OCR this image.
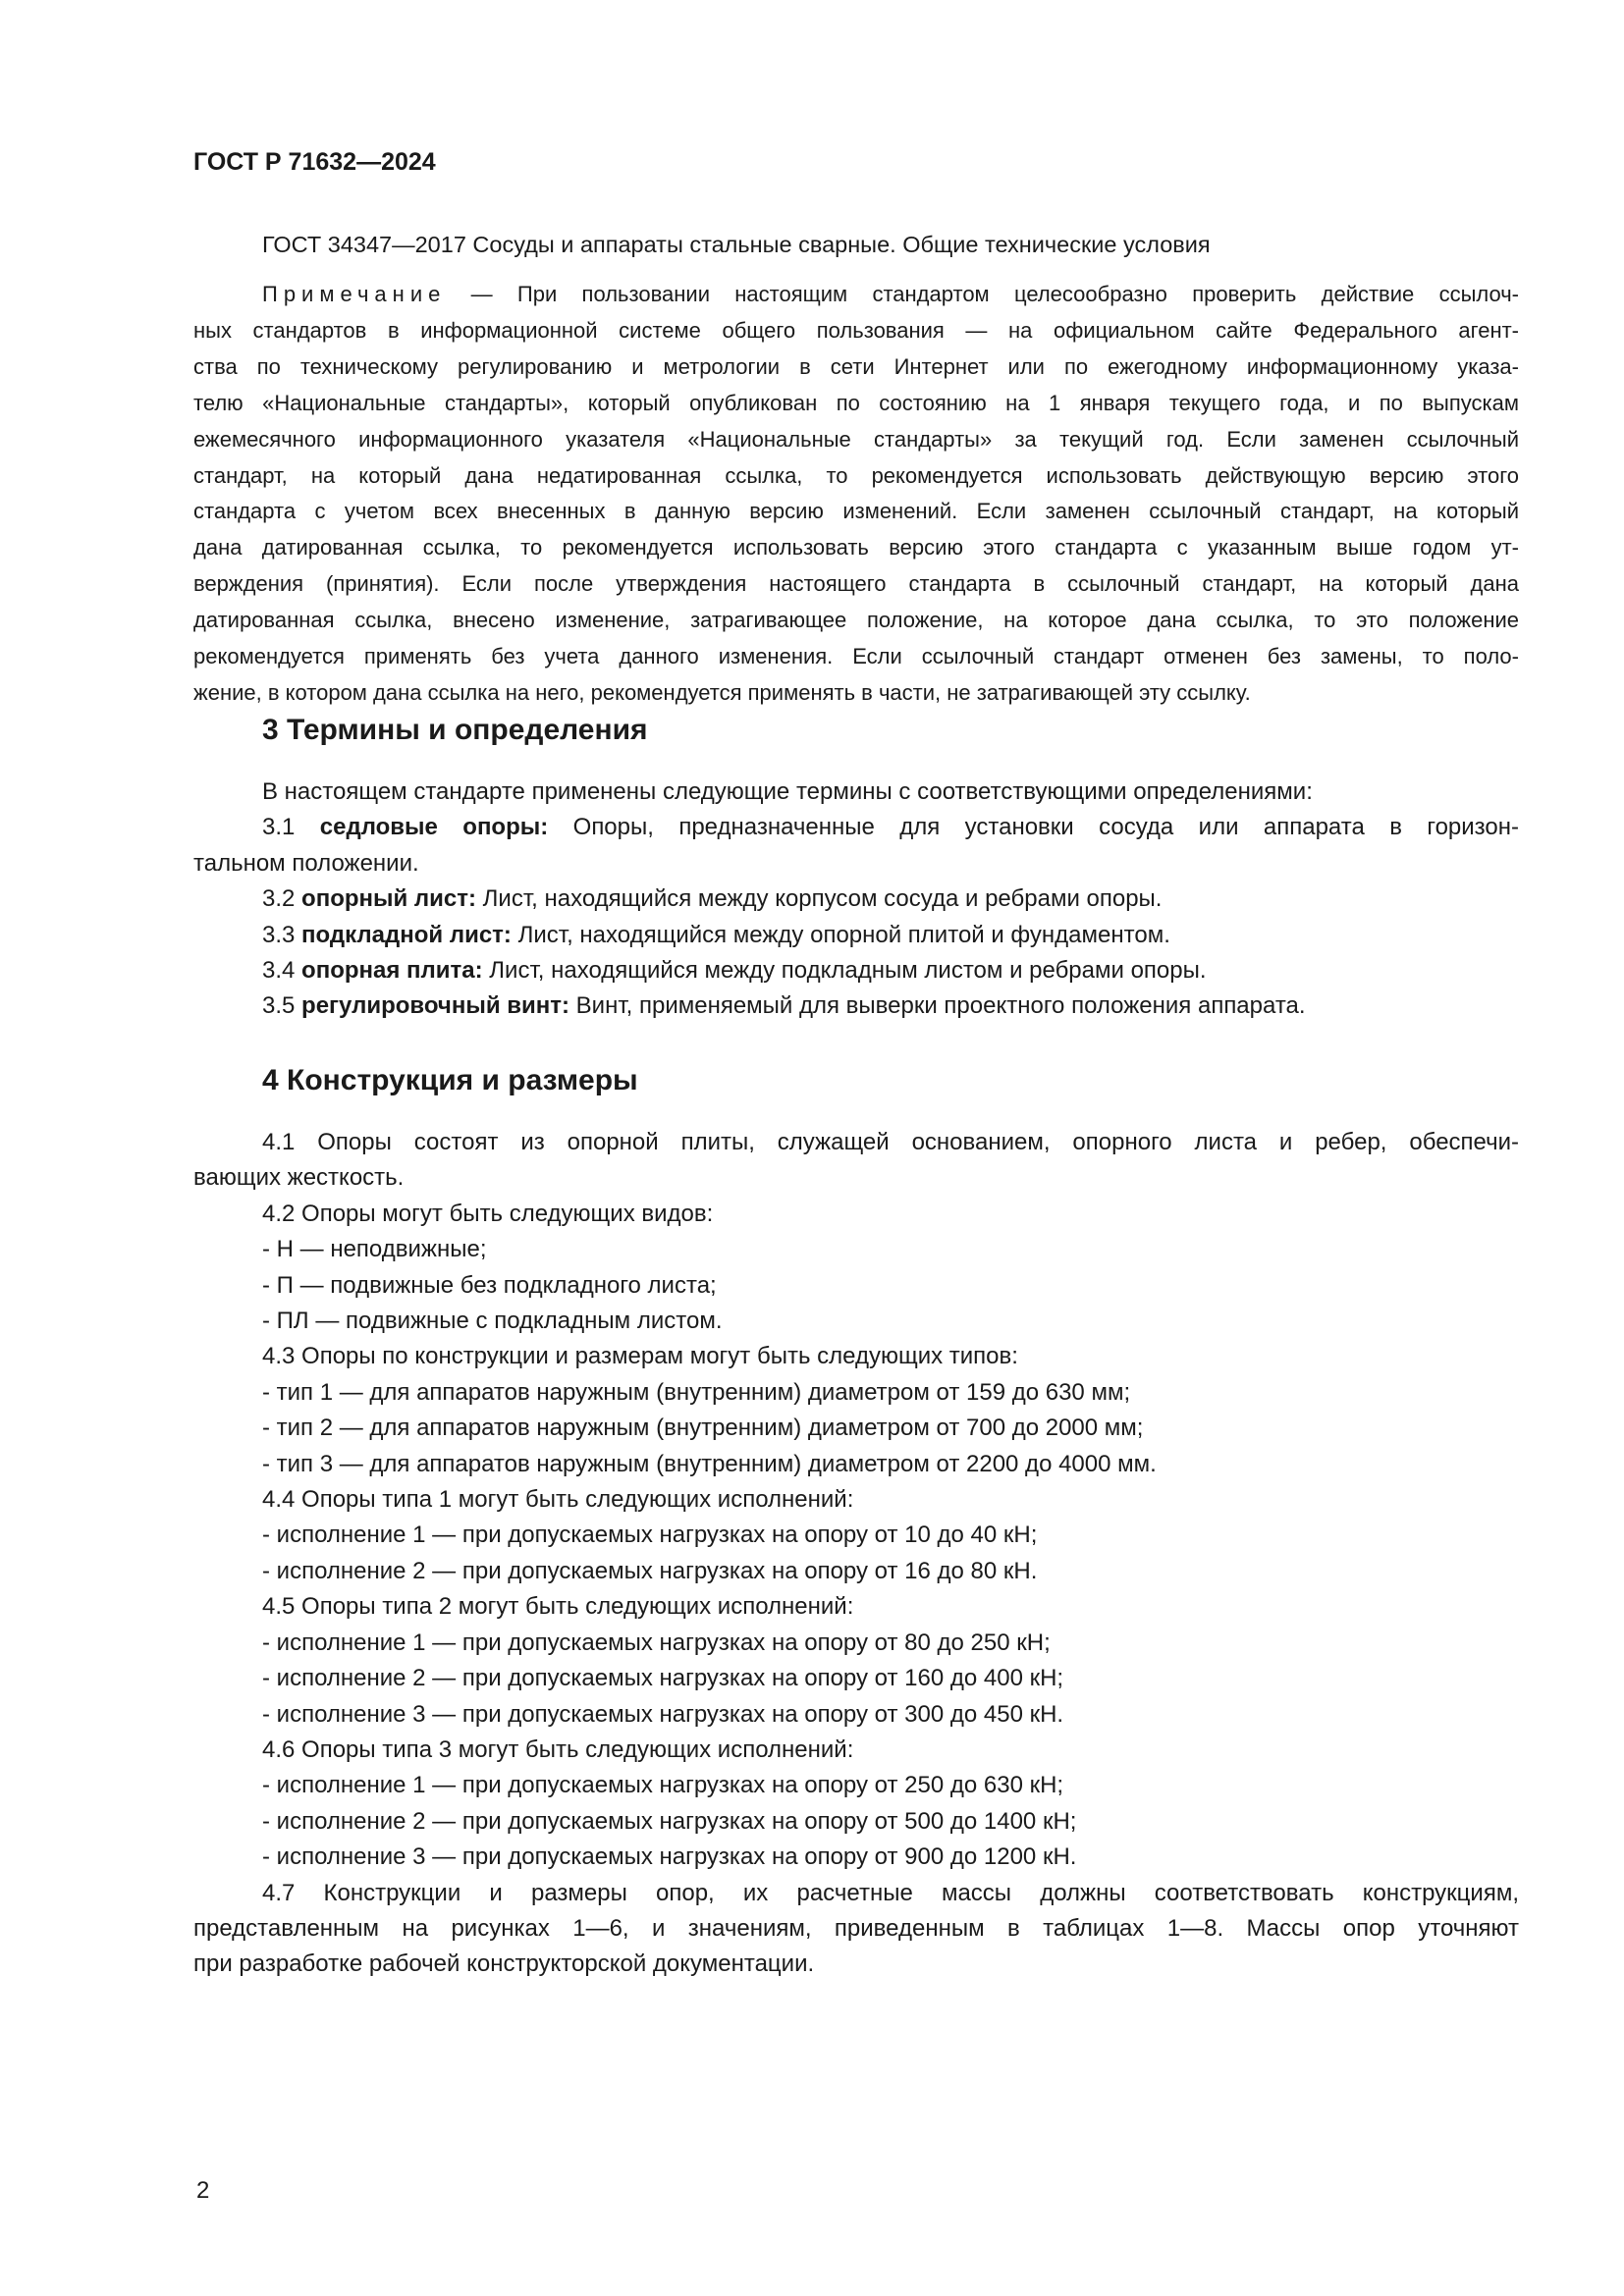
ГОСТ Р 71632—2024
ГОСТ 34347—2017 Сосуды и аппараты стальные сварные. Общие технические условия
Примечание — При пользовании настоящим стандартом целесообразно проверить действие ссылоч-
ных стандартов в информационной системе общего пользования — на официальном сайте Федерального агент-
ства по техническому регулированию и метрологии в сети Интернет или по ежегодному информационному указа-
телю «Национальные стандарты», который опубликован по состоянию на 1 января текущего года, и по выпускам
ежемесячного информационного указателя «Национальные стандарты» за текущий год. Если заменен ссылочный
стандарт, на который дана недатированная ссылка, то рекомендуется использовать действующую версию этого
стандарта с учетом всех внесенных в данную версию изменений. Если заменен ссылочный стандарт, на который
дана датированная ссылка, то рекомендуется использовать версию этого стандарта с указанным выше годом ут-
верждения (принятия). Если после утверждения настоящего стандарта в ссылочный стандарт, на который дана
датированная ссылка, внесено изменение, затрагивающее положение, на которое дана ссылка, то это положение
рекомендуется применять без учета данного изменения. Если ссылочный стандарт отменен без замены, то поло-
жение, в котором дана ссылка на него, рекомендуется применять в части, не затрагивающей эту ссылку.
3 Термины и определения
В настоящем стандарте применены следующие термины с соответствующими определениями:
3.1 седловые опоры: Опоры, предназначенные для установки сосуда или аппарата в горизон-
тальном положении.
3.2 опорный лист: Лист, находящийся между корпусом сосуда и ребрами опоры.
3.3 подкладной лист: Лист, находящийся между опорной плитой и фундаментом.
3.4 опорная плита: Лист, находящийся между подкладным листом и ребрами опоры.
3.5 регулировочный винт: Винт, применяемый для выверки проектного положения аппарата.
4 Конструкция и размеры
4.1 Опоры состоят из опорной плиты, служащей основанием, опорного листа и ребер, обеспечи-
вающих жесткость.
4.2 Опоры могут быть следующих видов:
- Н — неподвижные;
- П — подвижные без подкладного листа;
- ПЛ — подвижные с подкладным листом.
4.3 Опоры по конструкции и размерам могут быть следующих типов:
- тип 1 — для аппаратов наружным (внутренним) диаметром от 159 до 630 мм;
- тип 2 — для аппаратов наружным (внутренним) диаметром от 700 до 2000 мм;
- тип 3 — для аппаратов наружным (внутренним) диаметром от 2200 до 4000 мм.
4.4 Опоры типа 1 могут быть следующих исполнений:
- исполнение 1 — при допускаемых нагрузках на опору от 10 до 40 кН;
- исполнение 2 — при допускаемых нагрузках на опору от 16 до 80 кН.
4.5 Опоры типа 2 могут быть следующих исполнений:
- исполнение 1 — при допускаемых нагрузках на опору от 80 до 250 кН;
- исполнение 2 — при допускаемых нагрузках на опору от 160 до 400 кН;
- исполнение 3 — при допускаемых нагрузках на опору от 300 до 450 кН.
4.6 Опоры типа 3 могут быть следующих исполнений:
- исполнение 1 — при допускаемых нагрузках на опору от 250 до 630 кН;
- исполнение 2 — при допускаемых нагрузках на опору от 500 до 1400 кН;
- исполнение 3 — при допускаемых нагрузках на опору от 900 до 1200 кН.
4.7 Конструкции и размеры опор, их расчетные массы должны соответствовать конструкциям,
представленным на рисунках 1—6, и значениям, приведенным в таблицах 1—8. Массы опор уточняют
при разработке рабочей конструкторской документации.
2
